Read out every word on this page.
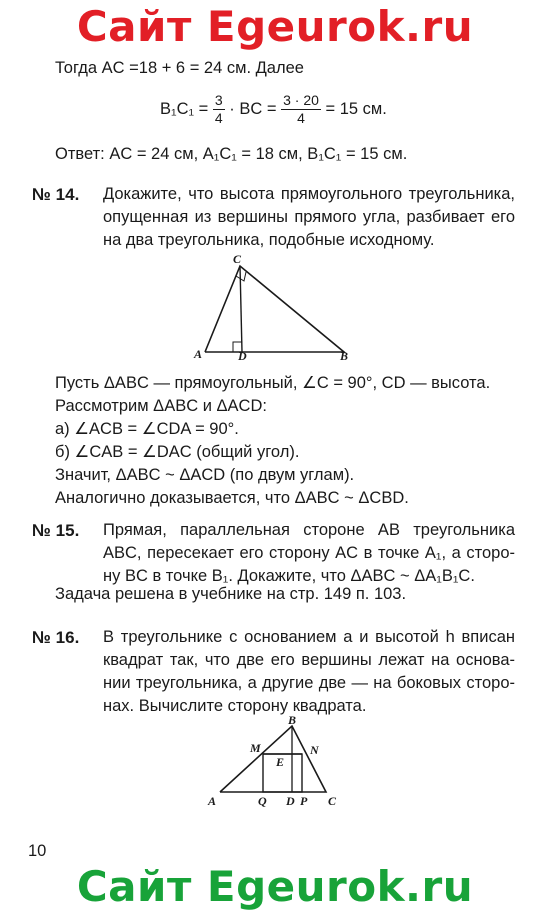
Сайт Egeurok.ru
Тогда AC =18 + 6 = 24 см. Далее
$B_1C_1 = \frac{3}{4}$ · BC = $\frac{3 \cdot 20}{4} = 15$ см.
Ответ: AC = 24 см, A₁C₁ = 18 см, B₁C₁ = 15 см.
№ 14. Докажите, что высота прямоугольного треугольника,
опущенная из вершины прямого угла, разбивает его
на два треугольника, подобные исходному.
C
A	D	B
Пусть ΔABC — прямоугольный, ∠C = 90°, CD — высота.
Рассмотрим ΔABC и ΔACD:
а) ∠ACB = ∠CDA = 90°.
б) ∠CAB = ∠DAC (общий угол).
Значит, ΔABC ~ ΔACD (по двум углам).
Аналогично доказывается, что ΔABC ~ ΔCBD.
№ 15. Прямая, параллельная стороне AB треугольника
ABC, пересекает его сторону AC в точке A₁, а сторо-
ну BC в точке B₁. Докажите, что ΔABC ~ ΔA₁B₁C.
Задача решена в учебнике на стр. 149 п. 103.
№ 16. В треугольнике с основанием a и высотой h вписан
квадрат так, что две его вершины лежат на основа-
нии треугольника, а другие две — на боковых сторо-
нах. Вычислите сторону квадрата.
B
M	N
E
A	Q D P C
10
Сайт Egeurok.ru
